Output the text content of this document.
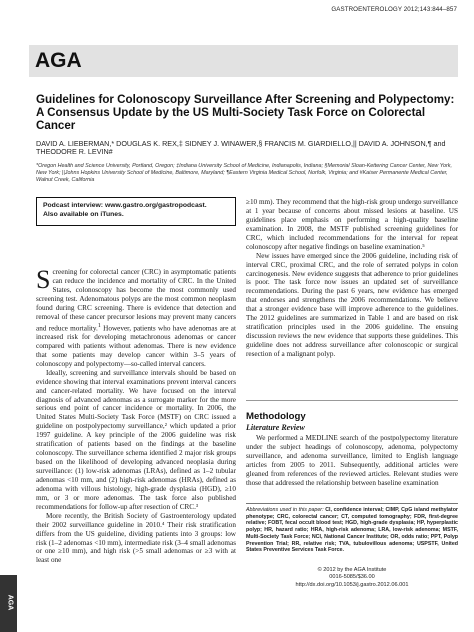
GASTROENTEROLOGY 2012;143:844–857
AGA
Guidelines for Colonoscopy Surveillance After Screening and Polypectomy: A Consensus Update by the US Multi-Society Task Force on Colorectal Cancer
DAVID A. LIEBERMAN,* DOUGLAS K. REX,‡ SIDNEY J. WINAWER,§ FRANCIS M. GIARDIELLO,|| DAVID A. JOHNSON,¶ and THEODORE R. LEVIN#
*Oregon Health and Science University, Portland, Oregon; ‡Indiana University School of Medicine, Indianapolis, Indiana; §Memorial Sloan-Kettering Cancer Center, New York, New York; ||Johns Hopkins University School of Medicine, Baltimore, Maryland; ¶Eastern Virginia Medical School, Norfolk, Virginia; and #Kaiser Permanente Medical Center, Walnut Creek, California
Podcast interview: www.gastro.org/gastropodcast.
Also available on iTunes.

Screening for colorectal cancer (CRC) in asymptomatic patients can reduce the incidence and mortality of CRC. In the United States, colonoscopy has become the most commonly used screening test. Adenomatous polyps are the most common neoplasm found during CRC screening. There is evidence that detection and removal of these cancer precursor lesions may prevent many cancers and reduce mortality.$^1$ However, patients who have adenomas are at increased risk for developing metachronous adenomas or cancer compared with patients without adenomas. There is new evidence that some patients may develop cancer within 3–5 years of colonoscopy and polypectomy—so-called interval cancers.

Ideally, screening and surveillance intervals should be based on evidence showing that interval examinations prevent interval cancers and cancer-related mortality. We have focused on the interval diagnosis of advanced adenomas as a surrogate marker for the more serious end point of cancer incidence or mortality. In 2006, the United States Multi-Society Task Force (MSTF) on CRC issued a guideline on postpolypectomy surveillance,² which updated a prior 1997 guideline. A key principle of the 2006 guideline was risk stratification of patients based on the findings at the baseline colonoscopy. The surveillance schema identified 2 major risk groups based on the likelihood of developing advanced neoplasia during surveillance: (1) low-risk adenomas (LRAs), defined as 1–2 tubular adenomas <10 mm, and (2) high-risk adenomas (HRAs), defined as adenoma with villous histology, high-grade dysplasia (HGD), ≥10 mm, or 3 or more adenomas. The task force also published recommendations for follow-up after resection of CRC.³

More recently, the British Society of Gastroenterology updated their 2002 surveillance guideline in 2010.⁴ Their risk stratification differs from the US guideline, dividing patients into 3 groups: low risk (1–2 adenomas <10 mm), intermediate risk (3–4 small adenomas or one ≥10 mm), and high risk (>5 small adenomas or ≥3 with at least one

≥10 mm). They recommend that the high-risk group undergo surveillance at 1 year because of concerns about missed lesions at baseline. US guidelines place emphasis on performing a high-quality baseline examination. In 2008, the MSTF published screening guidelines for CRC, which included recommendations for the interval for repeat colonoscopy after negative findings on baseline examination.⁵

New issues have emerged since the 2006 guideline, including risk of interval CRC, proximal CRC, and the role of serrated polyps in colon carcinogenesis. New evidence suggests that adherence to prior guidelines is poor. The task force now issues an updated set of surveillance recommendations. During the past 6 years, new evidence has emerged that endorses and strengthens the 2006 recommendations. We believe that a stronger evidence base will improve adherence to the guidelines. The 2012 guidelines are summarized in Table 1 and are based on risk stratification principles used in the 2006 guideline. The ensuing discussion reviews the new evidence that supports these guidelines. This guideline does not address surveillance after colonoscopic or surgical resection of a malignant polyp.

Methodology
Literature Review

We performed a MEDLINE search of the postpolypectomy literature under the subject headings of colonoscopy, adenoma, polypectomy surveillance, and adenoma surveillance, limited to English language articles from 2005 to 2011. Subsequently, additional articles were gleaned from references of the reviewed articles. Relevant studies were those that addressed the relationship between baseline examination

Abbreviations used in this paper: CI, confidence interval; CIMP, CpG island methylator phenotype; CRC, colorectal cancer; CT, computed tomography; FDR, first-degree relative; FOBT, fecal occult blood test; HGD, high-grade dysplasia; HP, hyperplastic polyp; HR, hazard ratio; HRA, high-risk adenoma; LRA, low-risk adenoma; MSTF, Multi-Society Task Force; NCI, National Cancer Institute; OR, odds ratio; PPT, Polyp Prevention Trial; RR, relative risk; TVA, tubulovillous adenoma; USPSTF, United States Preventive Services Task Force.
© 2012 by the AGA Institute
0016-5085/$36.00
http://dx.doi.org/10.1053/j.gastro.2012.06.001
AGA
